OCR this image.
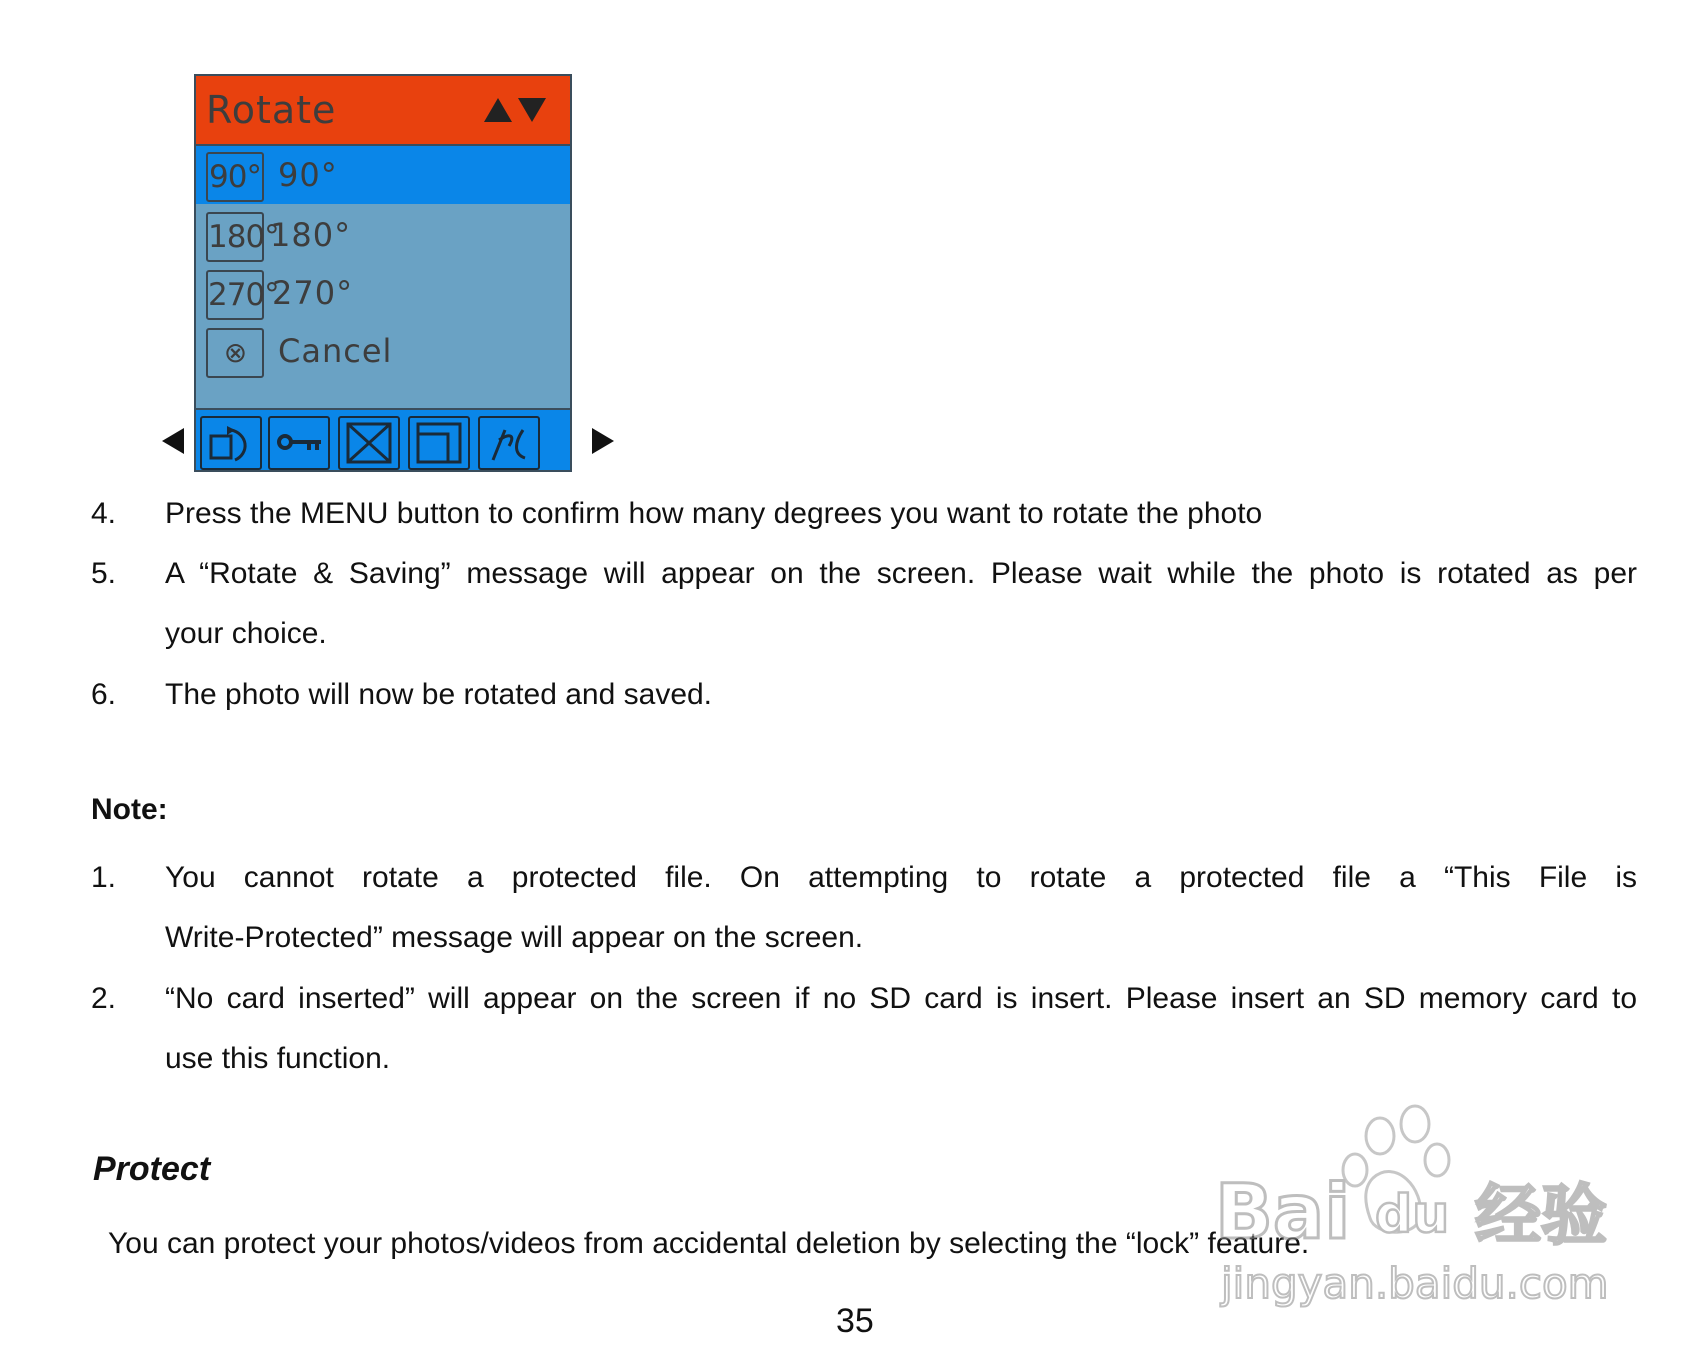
Rotate
90° 90°
180°
180°
270°
270°
⊗ Cancel
4. Press the MENU button to confirm how many degrees you want to rotate the photo
5. A “Rotate & Saving” message will appear on the screen. Please wait while the photo is rotated as per
your choice.
6. The photo will now be rotated and saved.
Note:
1. You cannot rotate a protected file. On attempting to rotate a protected file a “This File is
Write-Protected” message will appear on the screen.
2. “No card inserted” will appear on the screen if no SD card is insert. Please insert an SD memory card to
use this function.
Protect
You can protect your photos/videos from accidental deletion by selecting the “lock” feature.
35
Bai du 经验
jingyan.baidu.com
